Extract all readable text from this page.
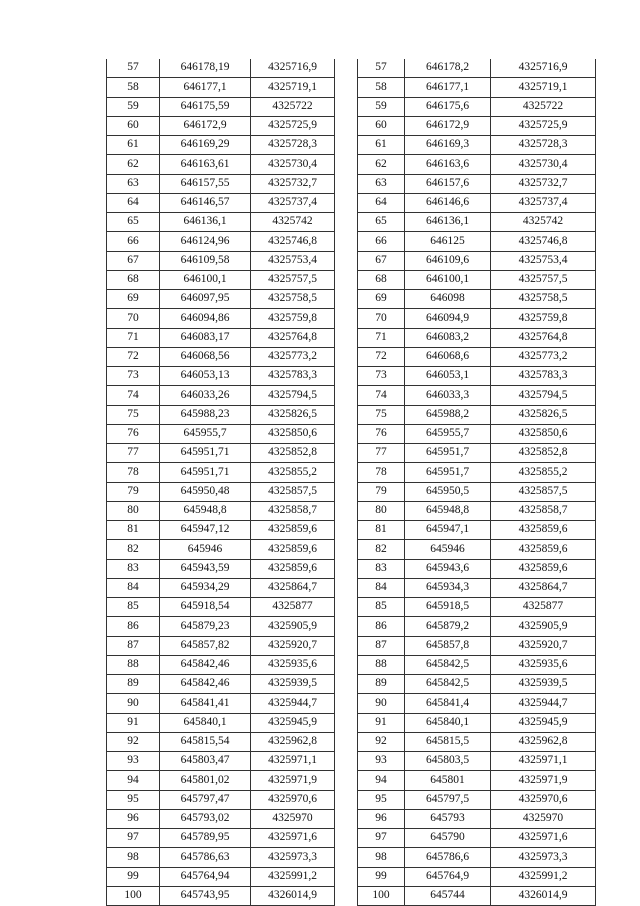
57	646178,19	4325716,9
58	646177,1	4325719,1
59	646175,59	4325722
60	646172,9	4325725,9
61	646169,29	4325728,3
62	646163,61	4325730,4
63	646157,55	4325732,7
64	646146,57	4325737,4
65	646136,1	4325742
66	646124,96	4325746,8
67	646109,58	4325753,4
68	646100,1	4325757,5
69	646097,95	4325758,5
70	646094,86	4325759,8
71	646083,17	4325764,8
72	646068,56	4325773,2
73	646053,13	4325783,3
74	646033,26	4325794,5
75	645988,23	4325826,5
76	645955,7	4325850,6
77	645951,71	4325852,8
78	645951,71	4325855,2
79	645950,48	4325857,5
80	645948,8	4325858,7
81	645947,12	4325859,6
82	645946	4325859,6
83	645943,59	4325859,6
84	645934,29	4325864,7
85	645918,54	4325877
86	645879,23	4325905,9
87	645857,82	4325920,7
88	645842,46	4325935,6
89	645842,46	4325939,5
90	645841,41	4325944,7
91	645840,1	4325945,9
92	645815,54	4325962,8
93	645803,47	4325971,1
94	645801,02	4325971,9
95	645797,47	4325970,6
96	645793,02	4325970
97	645789,95	4325971,6
98	645786,63	4325973,3
99	645764,94	4325991,2
100	645743,95	4326014,9
57	646178,2	4325716,9
58	646177,1	4325719,1
59	646175,6	4325722
60	646172,9	4325725,9
61	646169,3	4325728,3
62	646163,6	4325730,4
63	646157,6	4325732,7
64	646146,6	4325737,4
65	646136,1	4325742
66	646125	4325746,8
67	646109,6	4325753,4
68	646100,1	4325757,5
69	646098	4325758,5
70	646094,9	4325759,8
71	646083,2	4325764,8
72	646068,6	4325773,2
73	646053,1	4325783,3
74	646033,3	4325794,5
75	645988,2	4325826,5
76	645955,7	4325850,6
77	645951,7	4325852,8
78	645951,7	4325855,2
79	645950,5	4325857,5
80	645948,8	4325858,7
81	645947,1	4325859,6
82	645946	4325859,6
83	645943,6	4325859,6
84	645934,3	4325864,7
85	645918,5	4325877
86	645879,2	4325905,9
87	645857,8	4325920,7
88	645842,5	4325935,6
89	645842,5	4325939,5
90	645841,4	4325944,7
91	645840,1	4325945,9
92	645815,5	4325962,8
93	645803,5	4325971,1
94	645801	4325971,9
95	645797,5	4325970,6
96	645793	4325970
97	645790	4325971,6
98	645786,6	4325973,3
99	645764,9	4325991,2
100	645744	4326014,9
